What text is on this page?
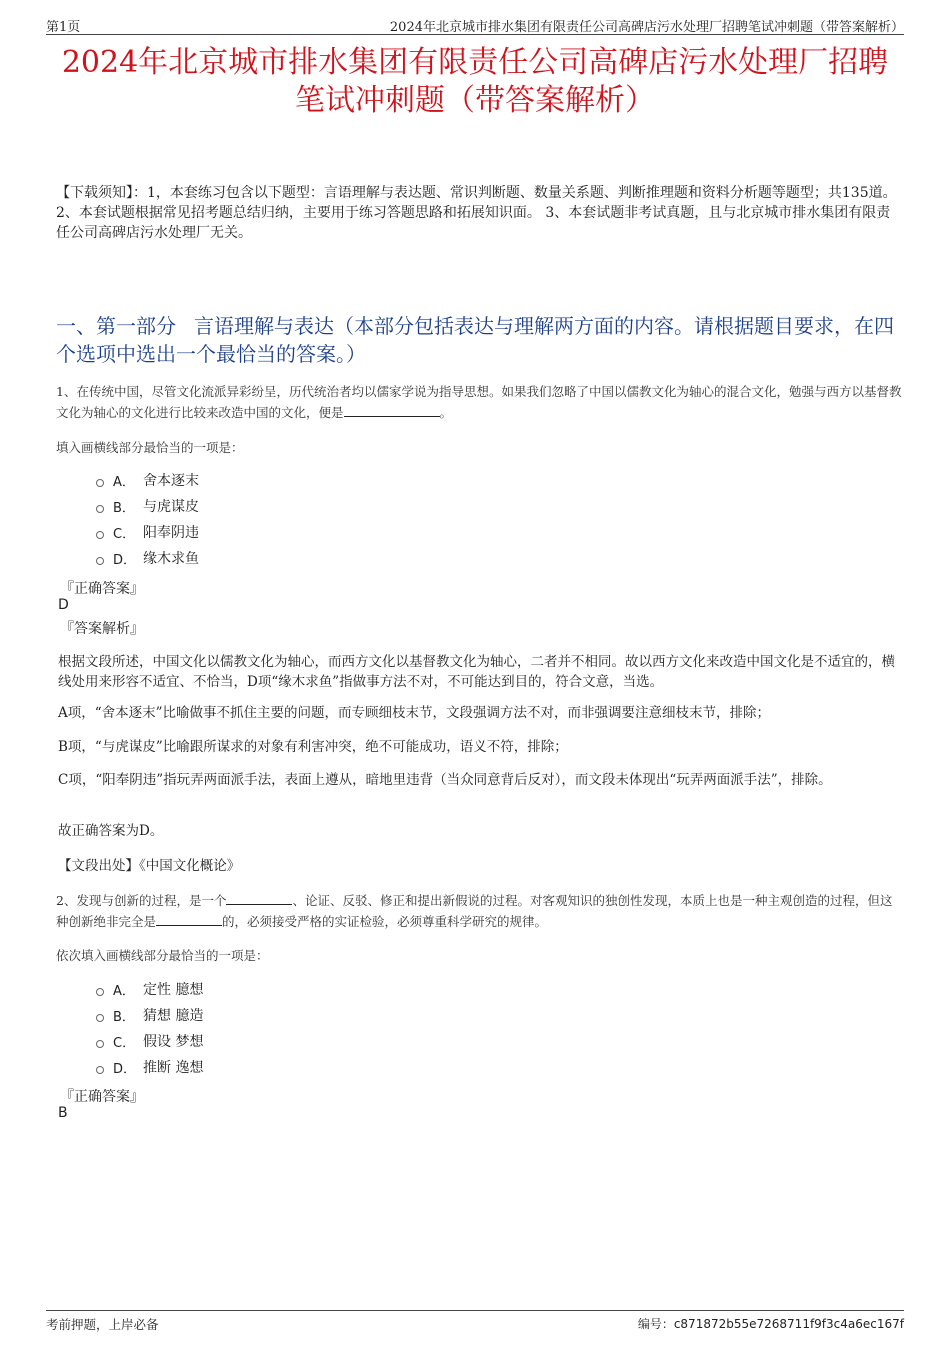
第1页	2024年北京城市排水集团有限责任公司高碑店污水处理厂招聘笔试冲刺题（带答案解析）
2024年北京城市排水集团有限责任公司高碑店污水处理厂招聘
笔试冲刺题（带答案解析）

【下载须知】：1，本套练习包含以下题型：言语理解与表达题、常识判断题、数量关系题、判断推理题和资料分析题等题型；共135道。 2、本套试题根据常见招考题总结归纳，主要用于练习答题思路和拓展知识面。 3、本套试题非考试真题，且与北京城市排水集团有限责任公司高碑店污水处理厂无关。

一、第一部分 言语理解与表达（本部分包括表达与理解两方面的内容。请根据题目要求，在四个选项中选出一个最恰当的答案。）

1、在传统中国，尽管文化流派异彩纷呈，历代统治者均以儒家学说为指导思想。如果我们忽略了中国以儒教文化为轴心的混合文化，勉强与西方以基督教文化为轴心的文化进行比较来改造中国的文化，便是	。

填入画横线部分最恰当的一项是：

A． 舍本逐末
B． 与虎谋皮
C． 阳奉阴违
D． 缘木求鱼

『正确答案』

D

『答案解析』

根据文段所述，中国文化以儒教文化为轴心，而西方文化以基督教文化为轴心，二者并不相同。故以西方文化来改造中国文化是不适宜的，横线处用来形容不适宜、不恰当，D项“缘木求鱼”指做事方法不对，不可能达到目的，符合文意，当选。

A项，“舍本逐末”比喻做事不抓住主要的问题，而专顾细枝末节，文段强调方法不对，而非强调要注意细枝末节，排除；

B项，“与虎谋皮”比喻跟所谋求的对象有利害冲突，绝不可能成功，语义不符，排除；

C项，“阳奉阴违”指玩弄两面派手法，表面上遵从，暗地里违背（当众同意背后反对），而文段未体现出“玩弄两面派手法”，排除。

故正确答案为D。

【文段出处】《中国文化概论》

2、发现与创新的过程，是一个	、论证、反驳、修正和提出新假说的过程。对客观知识的独创性发现，本质上也是一种主观创造的过程，但这种创新绝非完全是	的，必须接受严格的实证检验，必须尊重科学研究的规律。

依次填入画横线部分最恰当的一项是：

A． 定性 臆想
B． 猜想 臆造
C． 假设 梦想
D． 推断 逸想

『正确答案』

B

考前押题，上岸必备	编号：c871872b55e7268711f9f3c4a6ec167f
